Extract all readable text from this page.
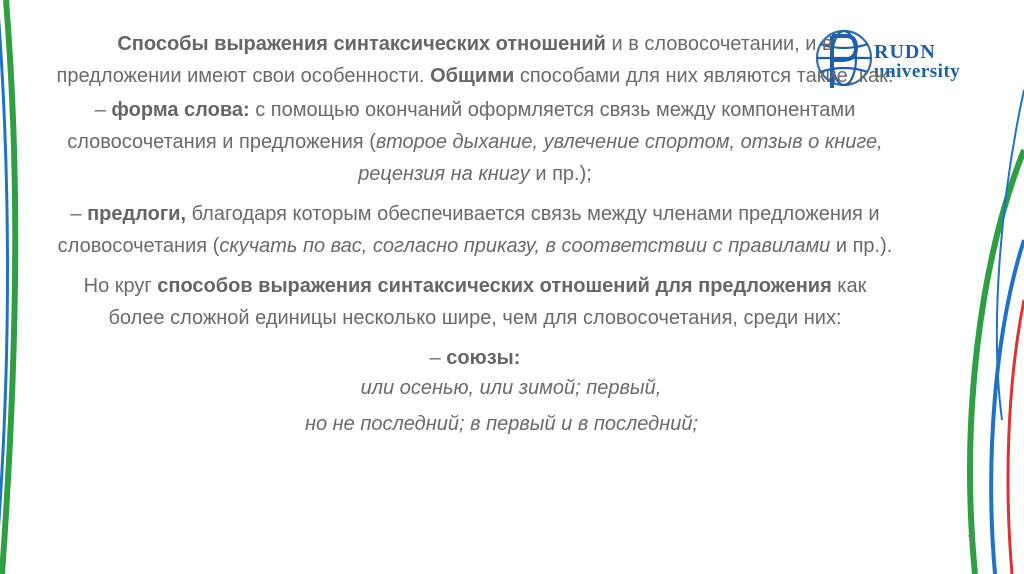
RUDN
university

Способы выражения синтаксических отношений и в словосочетании, и в предложении имеют свои особенности. Общими способами для них являются такие, как:

– форма слова: с помощью окончаний оформляется связь между компонентами словосочетания и предложения (второе дыхание, увлечение спортом, отзыв о книге, рецензия на книгу и пр.);

– предлоги, благодаря которым обеспечивается связь между членами предложения и словосочетания (скучать по вас, согласно приказу, в соответствии с правилами и пр.).

Но круг способов выражения синтаксических отношений для предложения как более сложной единицы несколько шире, чем для словосочетания, среди них:

– союзы:

или осенью, или зимой; первый,
но не последний; в первый и в последний;
7
